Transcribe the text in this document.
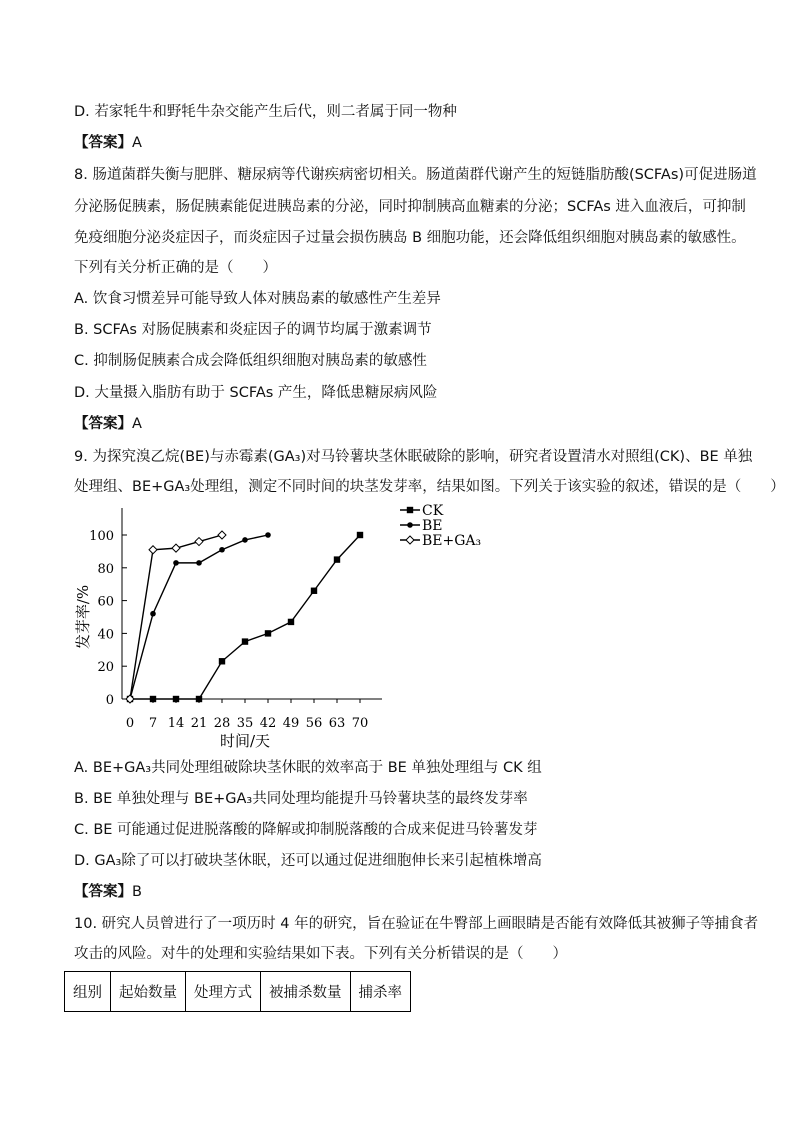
D. 若家牦牛和野牦牛杂交能产生后代，则二者属于同一物种
【答案】A
8. 肠道菌群失衡与肥胖、糖尿病等代谢疾病密切相关。肠道菌群代谢产生的短链脂肪酸(SCFAs)可促进肠道
分泌肠促胰素，肠促胰素能促进胰岛素的分泌，同时抑制胰高血糖素的分泌；SCFAs 进入血液后，可抑制
免疫细胞分泌炎症因子，而炎症因子过量会损伤胰岛 B 细胞功能，还会降低组织细胞对胰岛素的敏感性。
下列有关分析正确的是（　　）
A. 饮食习惯差异可能导致人体对胰岛素的敏感性产生差异
B. SCFAs 对肠促胰素和炎症因子的调节均属于激素调节
C. 抑制肠促胰素合成会降低组织细胞对胰岛素的敏感性
D. 大量摄入脂肪有助于 SCFAs 产生，降低患糖尿病风险
【答案】A
9. 为探究溴乙烷(BE)与赤霉素(GA₃)对马铃薯块茎休眠破除的影响，研究者设置清水对照组(CK)、BE 单独
处理组、BE+GA₃处理组，测定不同时间的块茎发芽率，结果如图。下列关于该实验的叙述，错误的是（　　）
0
20
40
60
80
100
0 7 14 21 28 35 42 49 56 63 70
时间/天
发芽率/%
CK
BE
BE+GA₃
A. BE+GA₃共同处理组破除块茎休眠的效率高于 BE 单独处理组与 CK 组
B. BE 单独处理与 BE+GA₃共同处理均能提升马铃薯块茎的最终发芽率
C. BE 可能通过促进脱落酸的降解或抑制脱落酸的合成来促进马铃薯发芽
D. GA₃除了可以打破块茎休眠，还可以通过促进细胞伸长来引起植株增高
【答案】B
10. 研究人员曾进行了一项历时 4 年的研究，旨在验证在牛臀部上画眼睛是否能有效降低其被狮子等捕食者
攻击的风险。对牛的处理和实验结果如下表。下列有关分析错误的是（　　）
组别	起始数量	处理方式	被捕杀数量	捕杀率
